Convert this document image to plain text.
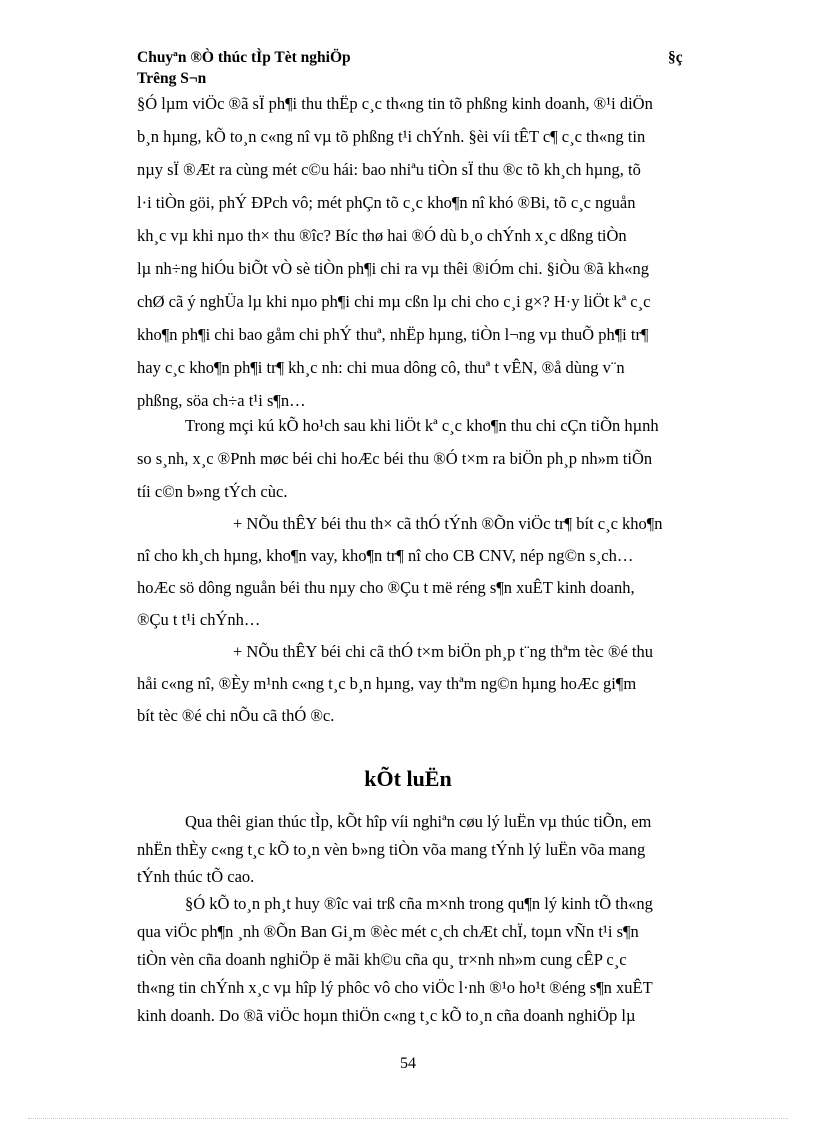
Chuyªn ®Ò thúc tÌp Tèt nghiÖp	§ç
Trêng S¬n
§Ó lµm viÖc ®ã sÏ ph¶i thu thËp c¸c th«ng tin tõ phßng kinh doanh, ®¹i diÖn
b¸n hµng, kÕ to¸n c«ng nî vµ tõ phßng t¹i chÝnh. §èi víi tÊT c¶ c¸c th«ng tin
nµy sÏ ®Æt ra cùng mét c©u hái: bao nhiªu tiÒn sÏ thu ®c tõ kh¸ch hµng, tõ
l·i tiÒn göi, phÝ ÐPch vô; mét phÇn tõ c¸c kho¶n nî khó ®Bi, tõ c¸c nguån
kh¸c vµ khi nµo th× thu ®îc? Bíc thø hai ®Ó dù b¸o chÝnh x¸c dßng tiÒn
lµ nh÷ng hiÓu biÕt vÒ sè tiÒn ph¶i chi ra vµ thêi ®iÓm chi. §iÒu ®ã kh«ng
chØ cã ý nghÜa lµ khi nµo ph¶i chi mµ cßn lµ chi cho c¸i g×? H·y liÖt kª c¸c
kho¶n ph¶i chi bao gåm chi phÝ thuª, nhËp hµng, tiÒn l¬ng vµ thuÕ ph¶i tr¶
hay c¸c kho¶n ph¶i tr¶ kh¸c nh: chi mua dông cô, thuª t vÊN, ®å dùng v¨n
phßng, söa ch÷a t¹i s¶n…
Trong mçi kú kÕ ho¹ch sau khi liÖt kª c¸c kho¶n thu chi cÇn tiÕn hµnh
so s¸nh, x¸c ®Pnh møc béi chi hoÆc béi thu ®Ó t×m ra biÖn ph¸p nh»m tiÕn
tíi c©n b»ng tÝch cùc.
+ NÕu thÊY béi thu th× cã thÓ tÝnh ®Õn viÖc tr¶ bít c¸c kho¶n
nî cho kh¸ch hµng, kho¶n vay, kho¶n tr¶ nî cho CB CNV, nép ng©n s¸ch…
hoÆc sö dông nguån béi thu nµy cho ®Çu t më réng s¶n xuÊT kinh doanh,
®Çu t t¹i chÝnh…
+ NÕu thÊY béi chi cã thÓ t×m biÖn ph¸p t¨ng thªm tèc ®é thu
håi c«ng nî, ®Èy m¹nh c«ng t¸c b¸n hµng, vay thªm ng©n hµng hoÆc gi¶m
bít tèc ®é chi nÕu cã thÓ ®c.
kÕt luËn
Qua thêi gian thúc tÌp, kÕt hîp víi nghiªn cøu lý luËn vµ thúc tiÕn, em
nhËn thÈy c«ng t¸c kÕ to¸n vèn b»ng tiÒn võa mang tÝnh lý luËn võa mang
tÝnh thúc tÕ cao.
§Ó kÕ to¸n ph¸t huy ®îc vai trß cña m×nh trong qu¶n lý kinh tÕ th«ng
qua viÖc ph¶n ¸nh ®Õn Ban Gi¸m ®èc mét c¸ch chÆt chÏ, toµn vÑn t¹i s¶n
tiÒn vèn cña doanh nghiÖp ë mãi kh©u cña qu¸ tr×nh nh»m cung cÊP c¸c
th«ng tin chÝnh x¸c vµ hîp lý phôc vô cho viÖc l·nh ®¹o ho¹t ®éng s¶n xuÊT
kinh doanh. Do ®ã viÖc hoµn thiÖn c«ng t¸c kÕ to¸n cña doanh nghiÖp lµ
54
